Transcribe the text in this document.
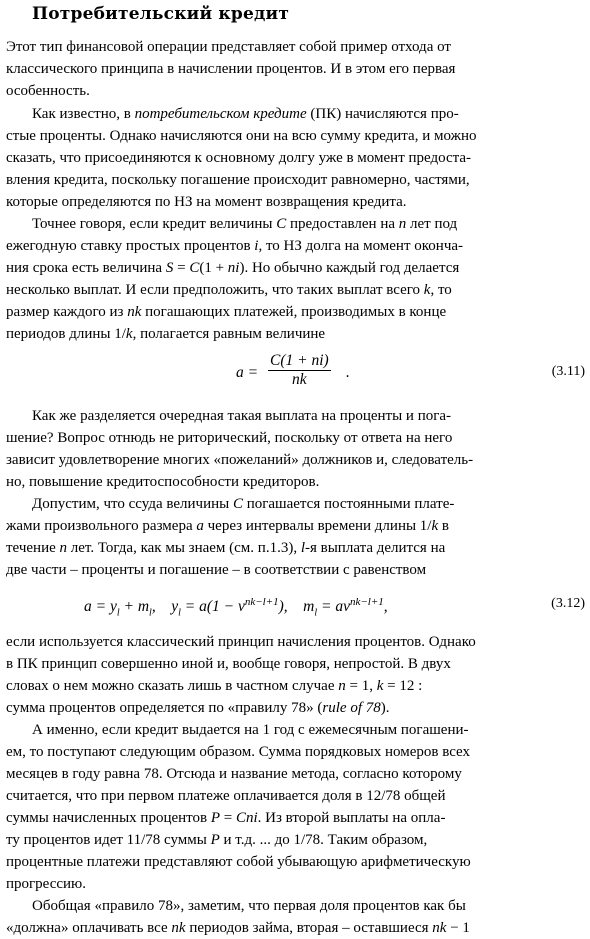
Потребительский кредит
Этот тип финансовой операции представляет собой пример отхода от
классического принципа в начислении процентов. И в этом его первая
особенность.
Как известно, в потребительском кредите (ПК) начисляются про-
стые проценты. Однако начисляются они на всю сумму кредита, и можно
сказать, что присоединяются к основному долгу уже в момент предоста-
вления кредита, поскольку погашение происходит равномерно, частями,
которые определяются по НЗ на момент возвращения кредита.
Точнее говоря, если кредит величины C предоставлен на n лет под
ежегодную ставку простых процентов i, то НЗ долга на момент оконча-
ния срока есть величина S = C(1 + ni). Но обычно каждый год делается
несколько выплат. И если предположить, что таких выплат всего k, то
размер каждого из nk погашающих платежей, производимых в конце
периодов длины 1/k, полагается равным величине
$a = \frac{C(1 + ni)}{nk}$ .	(3.11)
Как же разделяется очередная такая выплата на проценты и пога-
шение? Вопрос отнюдь не риторический, поскольку от ответа на него
зависит удовлетворение многих «пожеланий» должников и, следователь-
но, повышение кредитоспособности кредиторов.
Допустим, что ссуда величины C погашается постоянными плате-
жами произвольного размера a через интервалы времени длины 1/k в
течение n лет. Тогда, как мы знаем (см. п.1.3), l-я выплата делится на
две части – проценты и погашение – в соответствии с равенством
$a = y_l + m_l$,    $y_l = a(1 - v^{nk-l+1})$,    $m_l = av^{nk-l+1}$,	(3.12)
если используется классический принцип начисления процентов. Однако
в ПК принцип совершенно иной и, вообще говоря, непростой. В двух
словах о нем можно сказать лишь в частном случае n = 1, k = 12 :
сумма процентов определяется по «правилу 78» (rule of 78).
А именно, если кредит выдается на 1 год с ежемесячным погашени-
ем, то поступают следующим образом. Сумма порядковых номеров всех
месяцев в году равна 78. Отсюда и название метода, согласно которому
считается, что при первом платеже оплачивается доля в 12/78 общей
суммы начисленных процентов P = Cni. Из второй выплаты на опла-
ту процентов идет 11/78 суммы P и т.д. ... до 1/78. Таким образом,
процентные платежи представляют собой убывающую арифметическую
прогрессию.
Обобщая «правило 78», заметим, что первая доля процентов как бы
«должна» оплачивать все nk периодов займа, вторая – оставшиеся nk − 1
